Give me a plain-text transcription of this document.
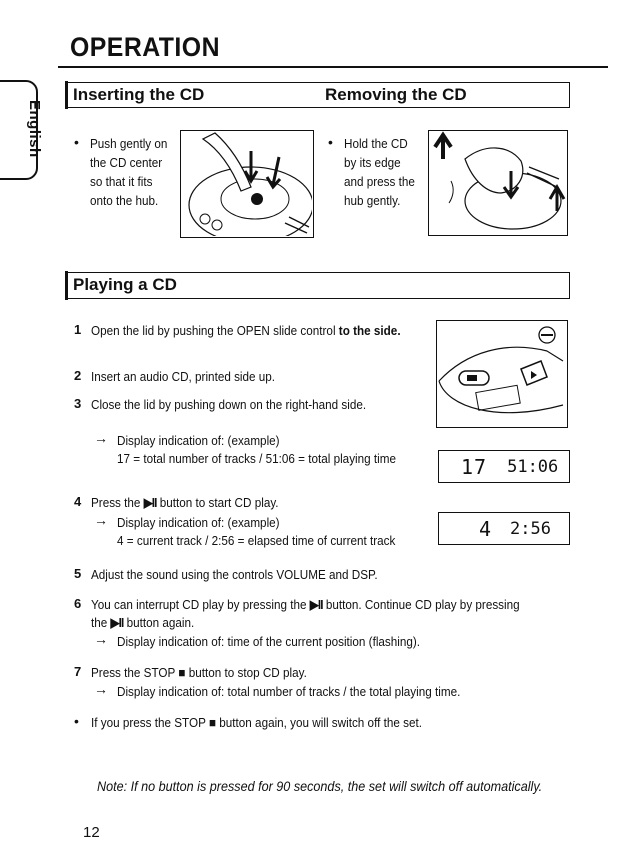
OPERATION
English
Inserting the CD	Removing the CD
• Push gently on
the CD center
so that it fits
onto the hub.
• Hold the CD
by its edge
and press the
hub gently.
Playing a CD
1 Open the lid by pushing the OPEN slide control to the side.
2 Insert an audio CD, printed side up.
3 Close the lid by pushing down on the right-hand side.
→ Display indication of: (example)
17 = total number of tracks / 51:06 = total playing time	17 51:06
4 Press the ▶II button to start CD play.
→ Display indication of: (example)
4 = current track / 2:56 = elapsed time of current track	4 2:56
5 Adjust the sound using the controls VOLUME and DSP.
6 You can interrupt CD play by pressing the ▶II button. Continue CD play by pressing
the ▶II button again.
→ Display indication of: time of the current position (flashing).
7 Press the STOP ■ button to stop CD play.
→ Display indication of: total number of tracks / the total playing time.
• If you press the STOP ■ button again, you will switch off the set.
Note: If no button is pressed for 90 seconds, the set will switch off automatically.
12
